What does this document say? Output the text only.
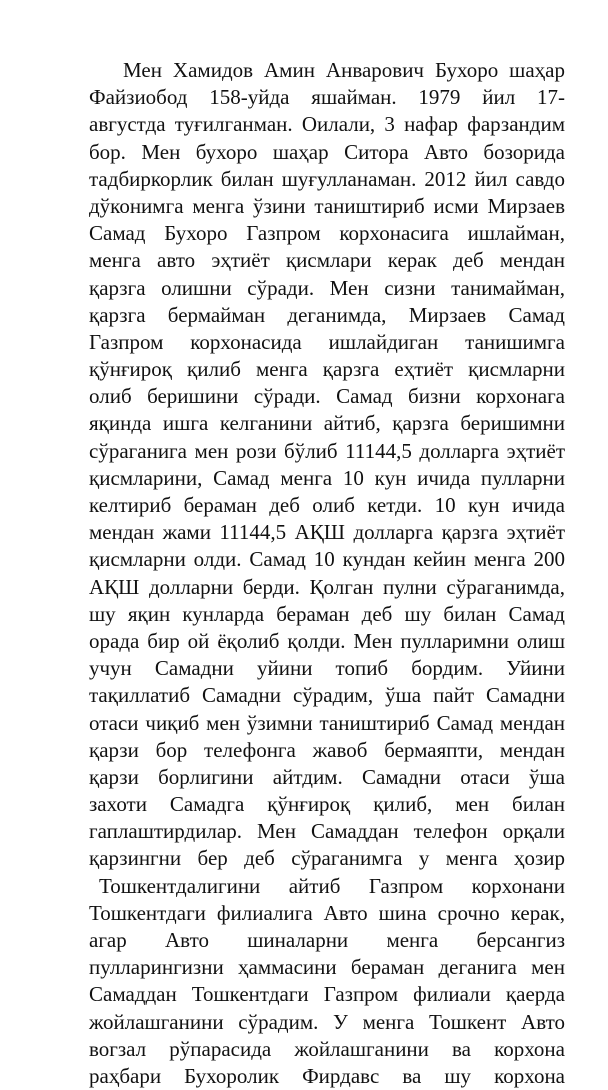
Мен Хамидов Амин Анварович Бухоро шаҳар
Файзиобод 158-уйда яшайман. 1979 йил 17-
августда туғилганман. Оилали, 3 нафар фарзандим
бор. Мен бухоро шаҳар Ситора Авто бозорида
тадбиркорлик билан шуғулланаман. 2012 йил савдо
дўконимга менга ўзини таништириб исми Мирзаев
Самад Бухоро Газпром корхонасига ишлайман,
менга авто эҳтиёт қисмлари керак деб мендан
қарзга олишни сўради. Мен сизни танимайман,
қарзга бермайман деганимда, Мирзаев Самад
Газпром корхонасида ишлайдиган танишимга
қўнғироқ қилиб менга қарзга еҳтиёт қисмларни
олиб беришини сўради. Самад бизни корхонага
яқинда ишга келганини айтиб, қарзга беришимни
сўраганига мен рози бўлиб 11144,5 долларга эҳтиёт
қисмларини, Самад менга 10 кун ичида пулларни
келтириб бераман деб олиб кетди. 10 кун ичида
мендан жами 11144,5 АҚШ долларга қарзга эҳтиёт
қисмларни олди. Самад 10 кундан кейин менга 200
АҚШ долларни берди. Қолган пулни сўраганимда,
шу яқин кунларда бераман деб шу билан Самад
орада бир ой ёқолиб қолди. Мен пулларимни олиш
учун Самадни уйини топиб бордим. Уйини
тақиллатиб Самадни сўрадим, ўша пайт Самадни
отаси чиқиб мен ўзимни таништириб Самад мендан
қарзи бор телефонга жавоб бермаяпти, мендан
қарзи борлигини айтдим. Самадни отаси ўша
захоти Самадга қўнғироқ қилиб, мен билан
гаплаштирдилар. Мен Самаддан телефон орқали
қарзингни бер деб сўраганимга у менга ҳозир
Тошкентдалигини айтиб Газпром корхонани
Тошкентдаги филиалига Авто шина срочно керак,
агар Авто шиналарни менга берсангиз
пулларингизни ҳаммасини бераман деганига мен
Самаддан Тошкентдаги Газпром филиали қаерда
жойлашганини сўрадим. У менга Тошкент Авто
вогзал рўпарасида жойлашганини ва корхона
раҳбари Бухоролик Фирдавс ва шу корхона
